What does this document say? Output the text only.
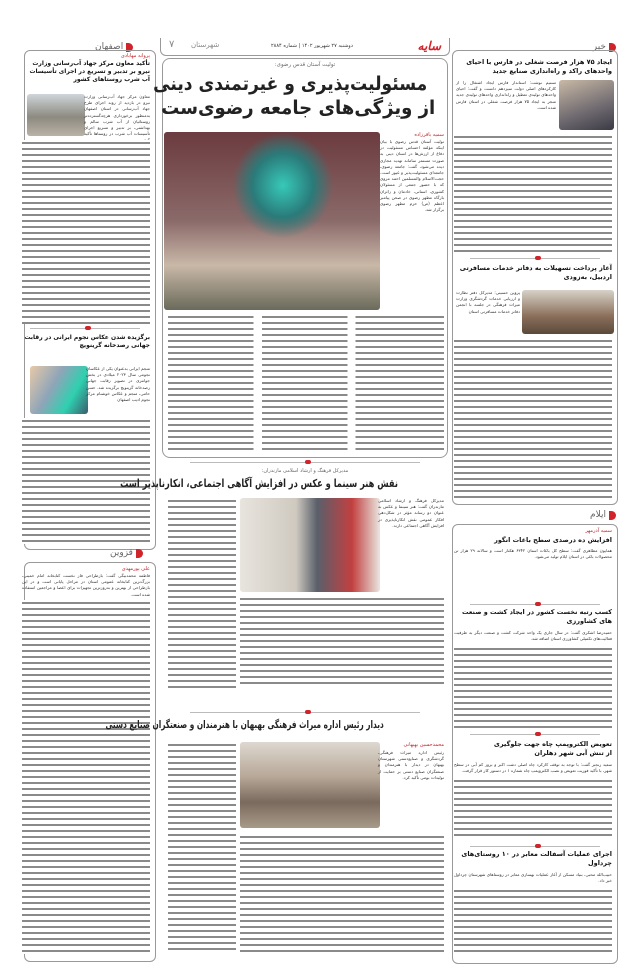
خبر
سایه
دوشنبه ۲۷ شهریور ۱۴۰۲ | شماره ۲۸۸۴
شهرستان
۷
اصفهان
ایجاد ۷۵ هزار فرصت شغلی در فارس با احیای واحدهای راکد و راه‌اندازی صنایع جدید
تسنیم نوشت: استاندار فارس ایجاد اشتغال را از کارکردهای اصلی دولت سیزدهم دانست و گفت: احیای واحدهای تولیدی تعطیل و راه‌اندازی واحدهای تولیدی جدید منجر به ایجاد ۷۵ هزار فرصت شغلی در استان فارس شده است.
آغاز پرداخت تسهیلات به دفاتر خدمات مسافرتی اردبیل، به‌زودی
پروین حسینی: مدیرکل دفتر نظارت و ارزیابی خدمات گردشگری وزارت میراث فرهنگی در جلسه با انجمن دفاتر خدمات مسافرتی استان
ایلام
سمیه آذرمهر
افزایش ده درصدی سطح باغات انگور
همایون مظاهری گفت: سطح کل باغات استان ۶۳۴۲ هکتار است و سالانه ۲۹ هزار تن محصولات باغی در استان ایلام تولید می‌شود.
کسب رتبه نخست کشور در ایجاد کشت و صنعت های کشاورزی
حمیدرضا اشکری گفت: در سال جاری یک واحد شرکت کشت و صنعت دیگر به ظرفیت فعالیت‌های تکمیلی کشاورزی استان اضافه شد.
تعویض الکتروپمپ چاه جهت جلوگیری از تنش آبی شهر دهلران
سعید رنجبر گفت: با توجه به توقف کارکرد چاه اصلی دشت اکبر و بروز کم آبی در سطح شهر، با تأکید فوریت تعویض و نصب الکتروپمپ چاه شماره ۱ در دستور کار قرار گرفت.
اجرای عملیات آسفالت معابر در ۱۰ روستای‌های چرداول
حبیب‌الله محبی، بنیاد مسکن از آغاز عملیات بهسازی معابر در روستاهای شهرستان چرداول خبر داد.
پروانه مهابادی
تأکید معاون مرکز جهاد آب‌رسانی وزارت نیرو بر تدبیر و تسریع در اجرای تأسیسات آب شرب روستاهای کشور
معاون مرکز جهاد آب‌رسانی وزارت نیرو در بازدید از روند اجرای طرح جهاد آب‌رسانی در استان اصفهان به‌منظور برخورداری هرچه‌گسترده‌تر روستائیان از آب شرب سالم و بهداشتی، بر تدبیر و تسریع اجرای تأسیسات آب شرب در روستاها تأکید
برگزیده شدن عکاس نجوم ایرانی در رقابت جهانی رصدخانه گرینویچ
منجم ایرانی به‌عنوان یکی از عکاسان نجومی سال ۲۰۲۳ میلادی در بخش جوانتری در تصویر رقابت جهانی رصدخانه گرینویچ برگزیده شد. حسن حامی، منجم و عکاس خوشنام مرکز نجوم ادیب اصفهان
قزوین
علی پورمهدی
فاطمه محمدبیگی گفت: بازطراحی فاز نخست کتابخانه امام خمینی، بزرگ‌ترین کتابخانه عمومی استان در مراحل پایانی است و در این بازطراحی از بهترین و به‌روزترین تجهیزات برای اعضا و مراجعین استفاده شده است.
تولیت آستان قدس رضوی:
مسئولیت‌پذیری و غیرتمندی دینی
از ویژگی‌های جامعه رضوی‌ست
سمیه باقرزاده
تولیت آستان قدس رضوی با بیان اینکه مؤلفه احساس مسئولیت در دفاع از ارزش‌ها در انسان دینی به صورت مستمر سامانه تهدید مجازی دیده می‌شود، گفت: جامعه رضوی، جامعه‌ای مسئولیت‌پذیر و غیور است. حجت‌الاسلام والمسلمین احمد مروی که با حضور جمعی از مسئولان کشوری، استانی، خادمان و زائران بارگاه مطهر رضوی در صحن پیامبر اعظم (ص) حرم مطهر رضوی برگزار شد.
مدیرکل فرهنگ و ارشاد اسلامی مازندران:
نقش هنر سینما و عکس در افزایش آگاهی اجتماعی، انکارناپذیر است
مدیرکل فرهنگ و ارشاد اسلامی مازندران گفت: هنر سینما و عکس به عنوان دو رسانه مؤثر در شکل‌دهی افکار عمومی نقش انکارناپذیری در افزایش آگاهی اجتماعی دارند.
دیدار رئیس اداره میراث فرهنگی بهبهان با هنرمندان و صنعتگران صنایع دستی
محمدحسین بهبهانی
رئیس اداره میراث فرهنگی، گردشگری و صنایع‌دستی شهرستان بهبهان در دیدار با هنرمندان و صنعتگران صنایع دستی بر حمایت از تولیدات بومی تأکید کرد.
